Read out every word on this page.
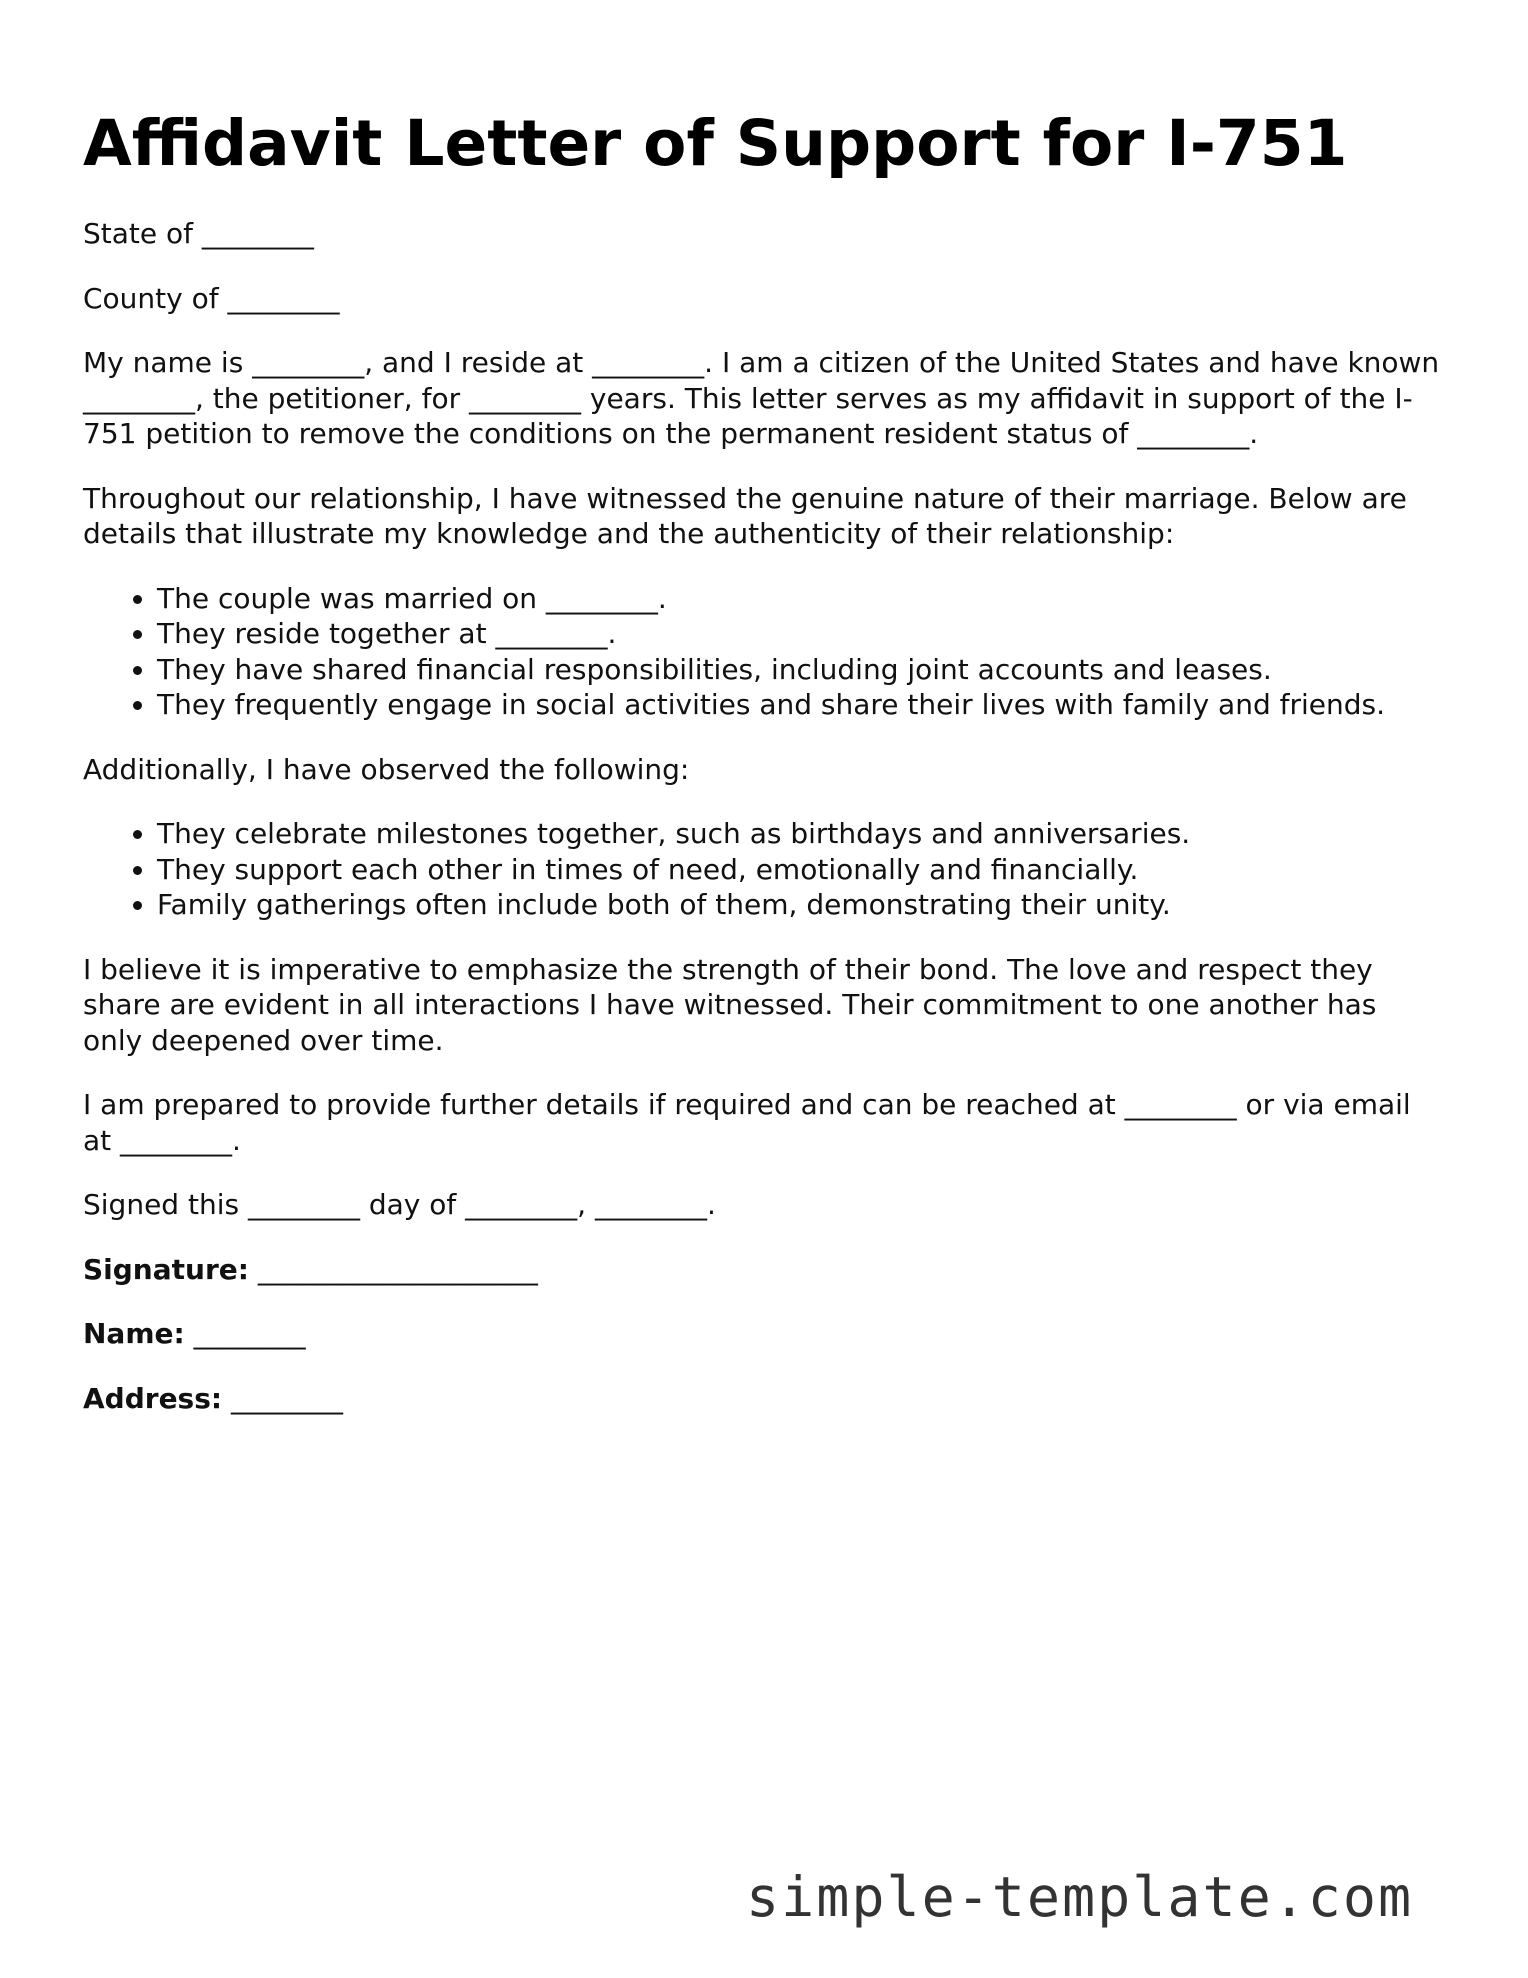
Affidavit Letter of Support for I-751

State of ________

County of ________

My name is ________, and I reside at ________. I am a citizen of the United States and have known ________, the petitioner, for ________ years. This letter serves as my affidavit in support of the I-751 petition to remove the conditions on the permanent resident status of ________.

Throughout our relationship, I have witnessed the genuine nature of their marriage. Below are details that illustrate my knowledge and the authenticity of their relationship:

• The couple was married on ________.
• They reside together at ________.
• They have shared financial responsibilities, including joint accounts and leases.
• They frequently engage in social activities and share their lives with family and friends.

Additionally, I have observed the following:

• They celebrate milestones together, such as birthdays and anniversaries.
• They support each other in times of need, emotionally and financially.
• Family gatherings often include both of them, demonstrating their unity.

I believe it is imperative to emphasize the strength of their bond. The love and respect they share are evident in all interactions I have witnessed. Their commitment to one another has only deepened over time.

I am prepared to provide further details if required and can be reached at ________ or via email at ________.

Signed this ________ day of ________, ________.

Signature: ____________________

Name: ________

Address: ________

simple-template.com
